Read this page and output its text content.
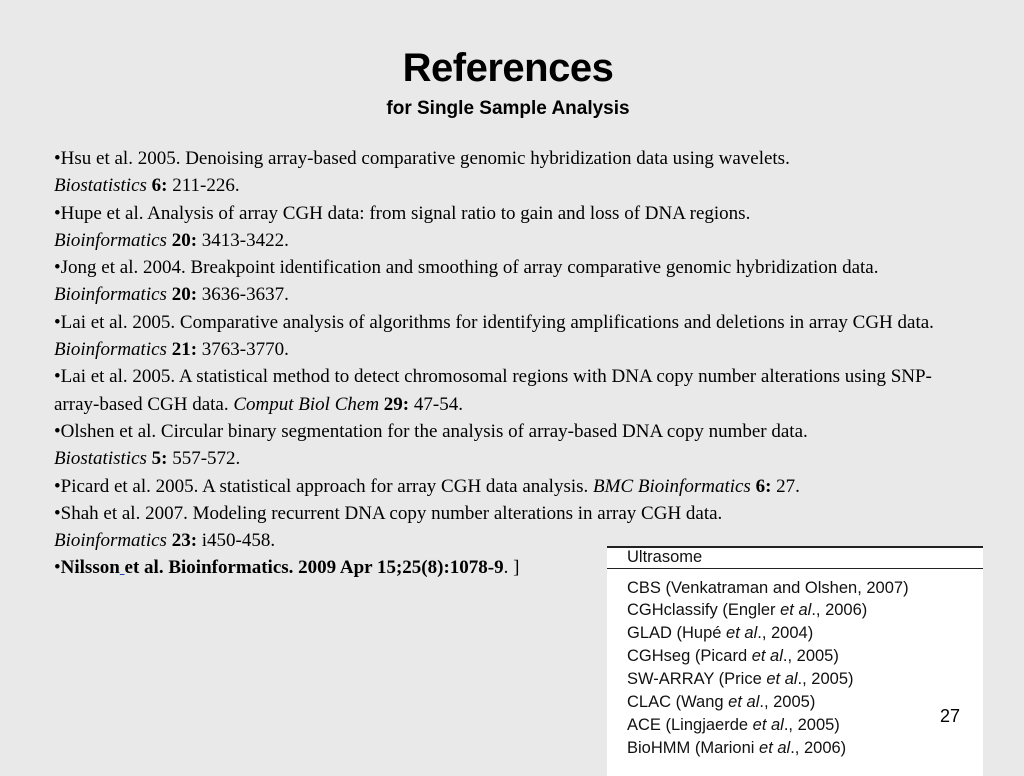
References
for Single Sample Analysis

• Hsu et al. 2005. Denoising array-based comparative genomic hybridization data using wavelets.
Biostatistics 6: 211-226.

• Hupe et al. Analysis of array CGH data: from signal ratio to gain and loss of DNA regions.
Bioinformatics 20: 3413-3422.

• Jong et al. 2004. Breakpoint identification and smoothing of array comparative genomic hybridization data. Bioinformatics 20: 3636-3637.

• Lai et al. 2005. Comparative analysis of algorithms for identifying amplifications and deletions in array CGH data. Bioinformatics 21: 3763-3770.

• Lai et al. 2005. A statistical method to detect chromosomal regions with DNA copy number alterations using SNP-array-based CGH data. Comput Biol Chem 29: 47-54.

• Olshen et al. Circular binary segmentation for the analysis of array-based DNA copy number data.
Biostatistics 5: 557-572.

• Picard et al. 2005. A statistical approach for array CGH data analysis. BMC Bioinformatics 6: 27.

• Shah et al. 2007. Modeling recurrent DNA copy number alterations in array CGH data.
Bioinformatics 23: i450-458.

• Nilsson et al. Bioinformatics. 2009 Apr 15;25(8):1078-9. ]

Ultrasome
CBS (Venkatraman and Olshen, 2007)
CGHclassify (Engler et al., 2006)
GLAD (Hupé et al., 2004)
CGHseg (Picard et al., 2005)
SW-ARRAY (Price et al., 2005)
CLAC (Wang et al., 2005)
ACE (Lingjaerde et al., 2005)
BioHMM (Marioni et al., 2006)
27
